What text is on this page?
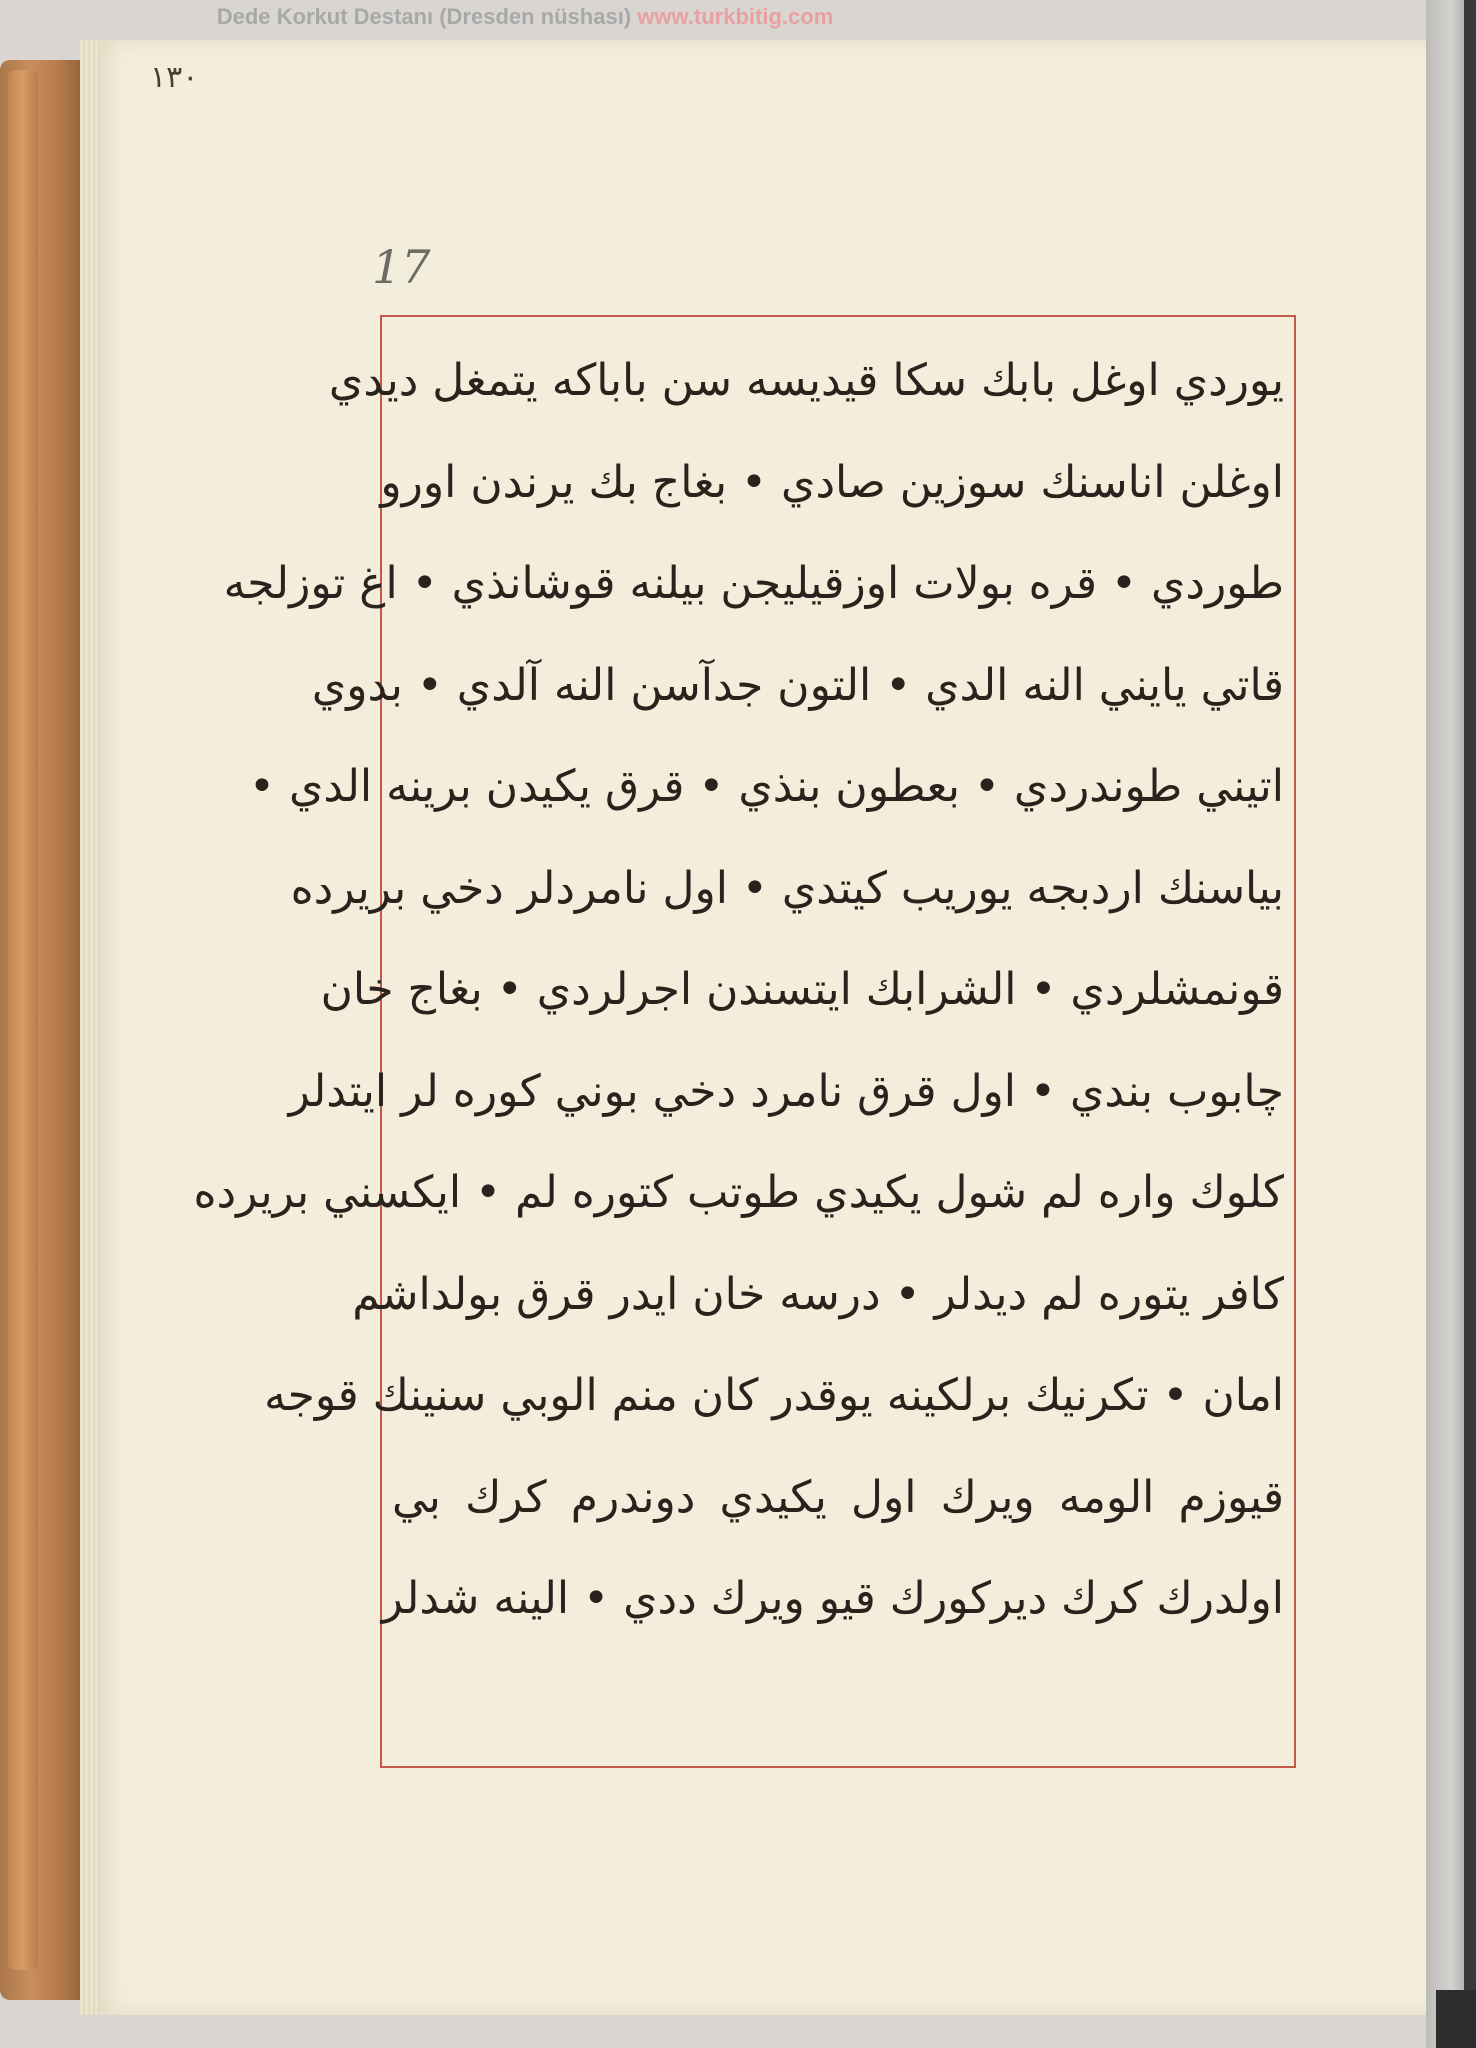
Dede Korkut Destanı (Dresden nüshası) www.turkbitig.com
۱۳۰
17
يوردي اوغل بابك سكا قيديسه سن باباكه يتمغل ديدي
اوغلن اناسنك سوزين صادي • بغاج بك يرندن اورو
طوردي • قره بولات اوزقيليجن بيلنه قوشانذي • اغ توزلجه
قاتي يايني النه الدي • التون جدآسن النه آلدي • بدوي
اتيني طوندردي • بعطون بنذي • قرق يكيدن برينه الدي •
بياسنك اردبجه يوريب كيتدي • اول نامردلر دخي بريرده
قونمشلردي • الشرابك ايتسندن اجرلردي • بغاج خان
چابوب بندي • اول قرق نامرد دخي بوني كوره لر ايتدلر
كلوك واره لم شول يكيدي طوتب كتوره لم • ايكسني بريرده
كافر يتوره لم ديدلر • درسه خان ايدر قرق بولداشم
امان • تكرنيك برلكينه يوقدر كان منم الوبي سنينك قوجه
قيوزم الومه ويرك اول يكيدي دوندرم كرك بي
اولدرك كرك ديركورك قيو ويرك ددي • الينه شدلر
